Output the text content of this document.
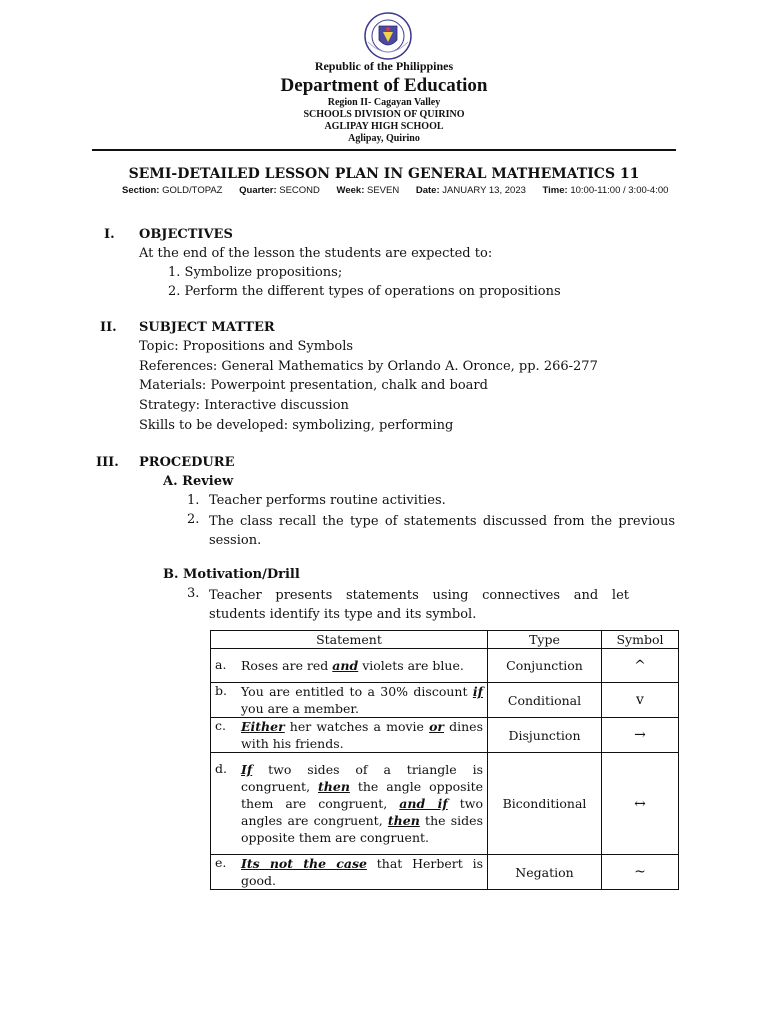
Republic of the Philippines
Department of Education
Region II- Cagayan Valley
SCHOOLS DIVISION OF QUIRINO
AGLIPAY HIGH SCHOOL
Aglipay, Quirino
SEMI-DETAILED LESSON PLAN IN GENERAL MATHEMATICS 11
Section: GOLD/TOPAZ Quarter: SECOND Week: SEVEN Date: JANUARY 13, 2023 Time: 10:00-11:00 / 3:00-4:00
I. OBJECTIVES
At the end of the lesson the students are expected to:
1. Symbolize propositions;
2. Perform the different types of operations on propositions
II. SUBJECT MATTER
Topic: Propositions and Symbols
References: General Mathematics by Orlando A. Oronce, pp. 266-277
Materials: Powerpoint presentation, chalk and board
Strategy: Interactive discussion
Skills to be developed: symbolizing, performing
III. PROCEDURE
A. Review
1. Teacher performs routine activities.
2. The class recall the type of statements discussed from the previous session.
B. Motivation/Drill
3. Teacher presents statements using connectives and let students identify its type and its symbol.
Statement	Type	Symbol

a. Roses are red and violets are blue.	Conjunction	^

b. You are entitled to a 30% discount if you are a member.	Conditional	v

c. Either her watches a movie or dines with his friends.	Disjunction	→

d. If two sides of a triangle is congruent, then the angle opposite them are congruent, and if two angles are congruent, then the sides opposite them are congruent.	Biconditional	↔

e. Its not the case that Herbert is good.	Negation	~
